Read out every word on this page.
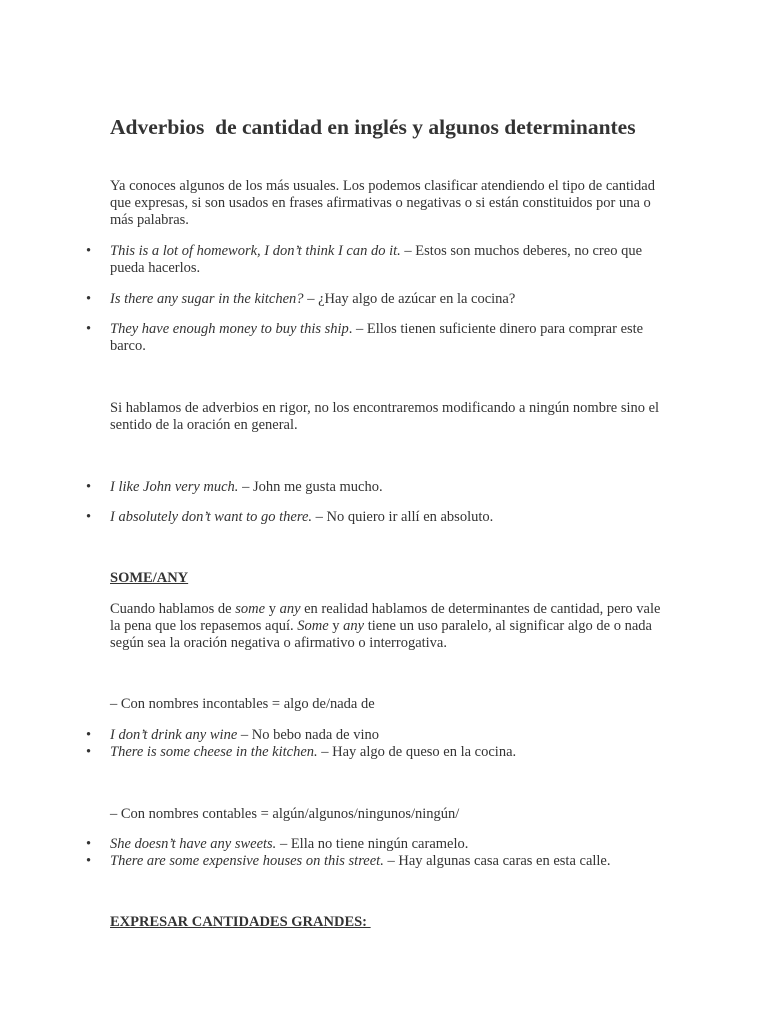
Adverbios  de cantidad en inglés y algunos determinantes

Ya conoces algunos de los más usuales. Los podemos clasificar atendiendo el tipo de cantidad que expresas, si son usados en frases afirmativas o negativas o si están constituidos por una o más palabras.

• This is a lot of homework, I don’t think I can do it. – Estos son muchos deberes, no creo que pueda hacerlos.
• Is there any sugar in the kitchen? – ¿Hay algo de azúcar en la cocina?
• They have enough money to buy this ship. – Ellos tienen suficiente dinero para comprar este barco.

Si hablamos de adverbios en rigor, no los encontraremos modificando a ningún nombre sino el sentido de la oración en general.

• I like John very much. – John me gusta mucho.
• I absolutely don’t want to go there. – No quiero ir allí en absoluto.

SOME/ANY

Cuando hablamos de some y any en realidad hablamos de determinantes de cantidad, pero vale la pena que los repasemos aquí. Some y any tiene un uso paralelo, al significar algo de o nada según sea la oración negativa o afirmativo o interrogativa.

– Con nombres incontables = algo de/nada de

• I don’t drink any wine – No bebo nada de vino
• There is some cheese in the kitchen. – Hay algo de queso en la cocina.

– Con nombres contables = algún/algunos/ningunos/ningún/

• She doesn’t have any sweets. – Ella no tiene ningún caramelo.
• There are some expensive houses on this street. – Hay algunas casa caras en esta calle.

EXPRESAR CANTIDADES GRANDES:
